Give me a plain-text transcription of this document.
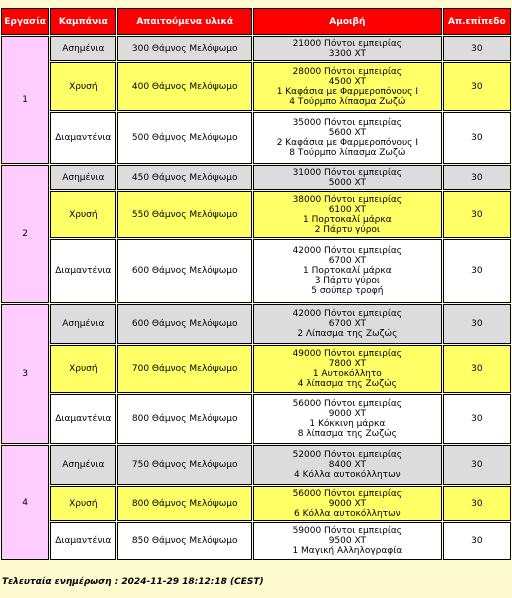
Εργασία	Καμπάνια	Απαιτούμενα υλικά	Αμοιβή	Απ.επίπεδο
1	Ασημένια	300 Θάμνος Μελόψωμο	21000 Πόντοι εμπειρίας
3300 XT	30
	Χρυσή	400 Θάμνος Μελόψωμο	28000 Πόντοι εμπειρίας
4500 XT
1 Καφάσια με Φαρμεροπόνους I
4 Τούρμπο λίπασμα Ζωζώ	30
	Διαμαντένια	500 Θάμνος Μελόψωμο	35000 Πόντοι εμπειρίας
5600 XT
2 Καφάσια με Φαρμεροπόνους I
8 Τούρμπο λίπασμα Ζωζώ	30
2	Ασημένια	450 Θάμνος Μελόψωμο	31000 Πόντοι εμπειρίας
5000 XT	30
	Χρυσή	550 Θάμνος Μελόψωμο	38000 Πόντοι εμπειρίας
6100 XT
1 Πορτοκαλί μάρκα
2 Πάρτυ γύροι	30
	Διαμαντένια	600 Θάμνος Μελόψωμο	42000 Πόντοι εμπειρίας
6700 XT
1 Πορτοκαλί μάρκα
3 Πάρτυ γύροι
5 σούπερ τροφή	30
3	Ασημένια	600 Θάμνος Μελόψωμο	42000 Πόντοι εμπειρίας
6700 XT
2 Λίπασμα της Ζωζώς	30
	Χρυσή	700 Θάμνος Μελόψωμο	49000 Πόντοι εμπειρίας
7800 XT
1 Αυτοκόλλητο
4 λίπασμα της Ζωζώς	30
	Διαμαντένια	800 Θάμνος Μελόψωμο	56000 Πόντοι εμπειρίας
9000 XT
1 Κόκκινη μάρκα
8 λίπασμα της Ζωζώς	30
4	Ασημένια	750 Θάμνος Μελόψωμο	52000 Πόντοι εμπειρίας
8400 XT
4 Κόλλα αυτοκόλλητων	30
	Χρυσή	800 Θάμνος Μελόψωμο	56000 Πόντοι εμπειρίας
9000 XT
6 Κόλλα αυτοκόλλητων	30
	Διαμαντένια	850 Θάμνος Μελόψωμο	59000 Πόντοι εμπειρίας
9500 XT
1 Μαγική Αλληλογραφία	30
Τελευταία ενημέρωση : 2024-11-29 18:12:18 (CEST)
